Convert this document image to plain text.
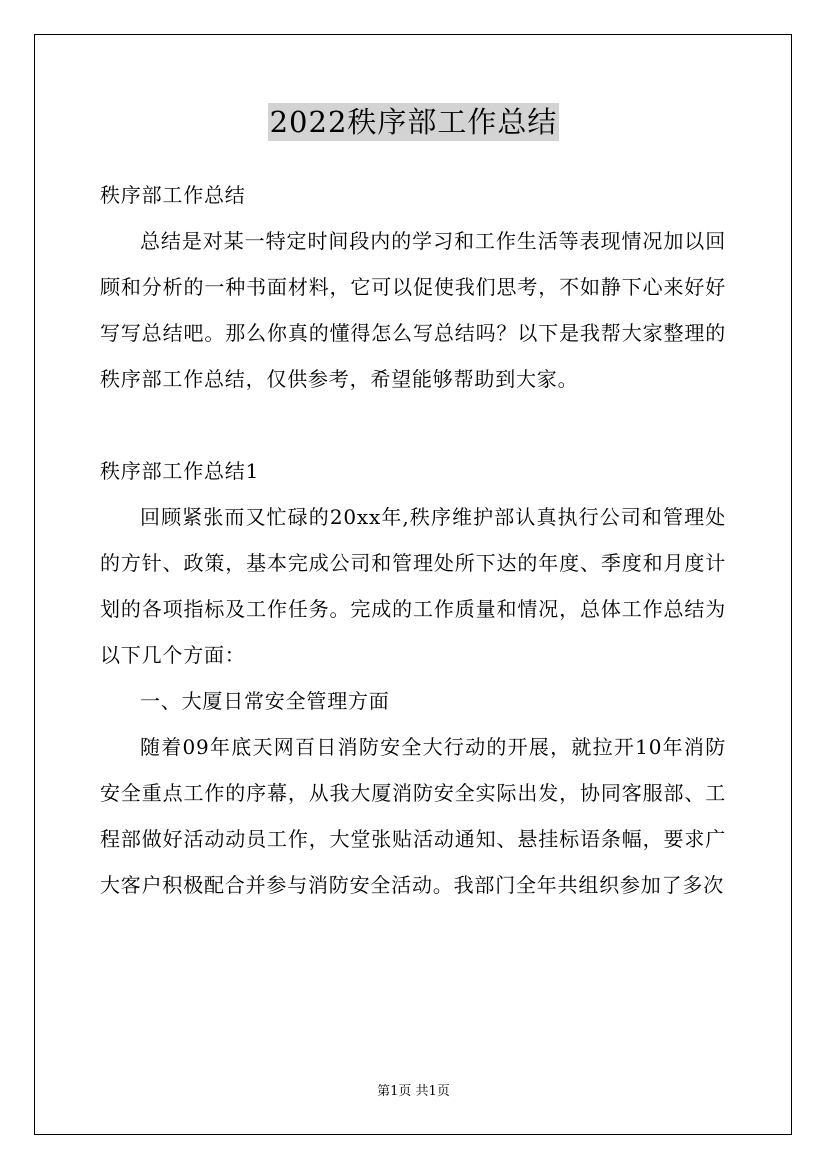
2022秩序部工作总结

秩序部工作总结

总结是对某一特定时间段内的学习和工作生活等表现情况加以回顾和分析的一种书面材料，它可以促使我们思考，不如静下心来好好写写总结吧。那么你真的懂得怎么写总结吗？以下是我帮大家整理的秩序部工作总结，仅供参考，希望能够帮助到大家。

秩序部工作总结1

回顾紧张而又忙碌的20xx年,秩序维护部认真执行公司和管理处的方针、政策，基本完成公司和管理处所下达的年度、季度和月度计划的各项指标及工作任务。完成的工作质量和情况，总体工作总结为以下几个方面：

一、大厦日常安全管理方面

随着09年底天网百日消防安全大行动的开展，就拉开10年消防安全重点工作的序幕，从我大厦消防安全实际出发，协同客服部、工程部做好活动动员工作，大堂张贴活动通知、悬挂标语条幅，要求广大客户积极配合并参与消防安全活动。我部门全年共组织参加了多次

第1页 共1页
